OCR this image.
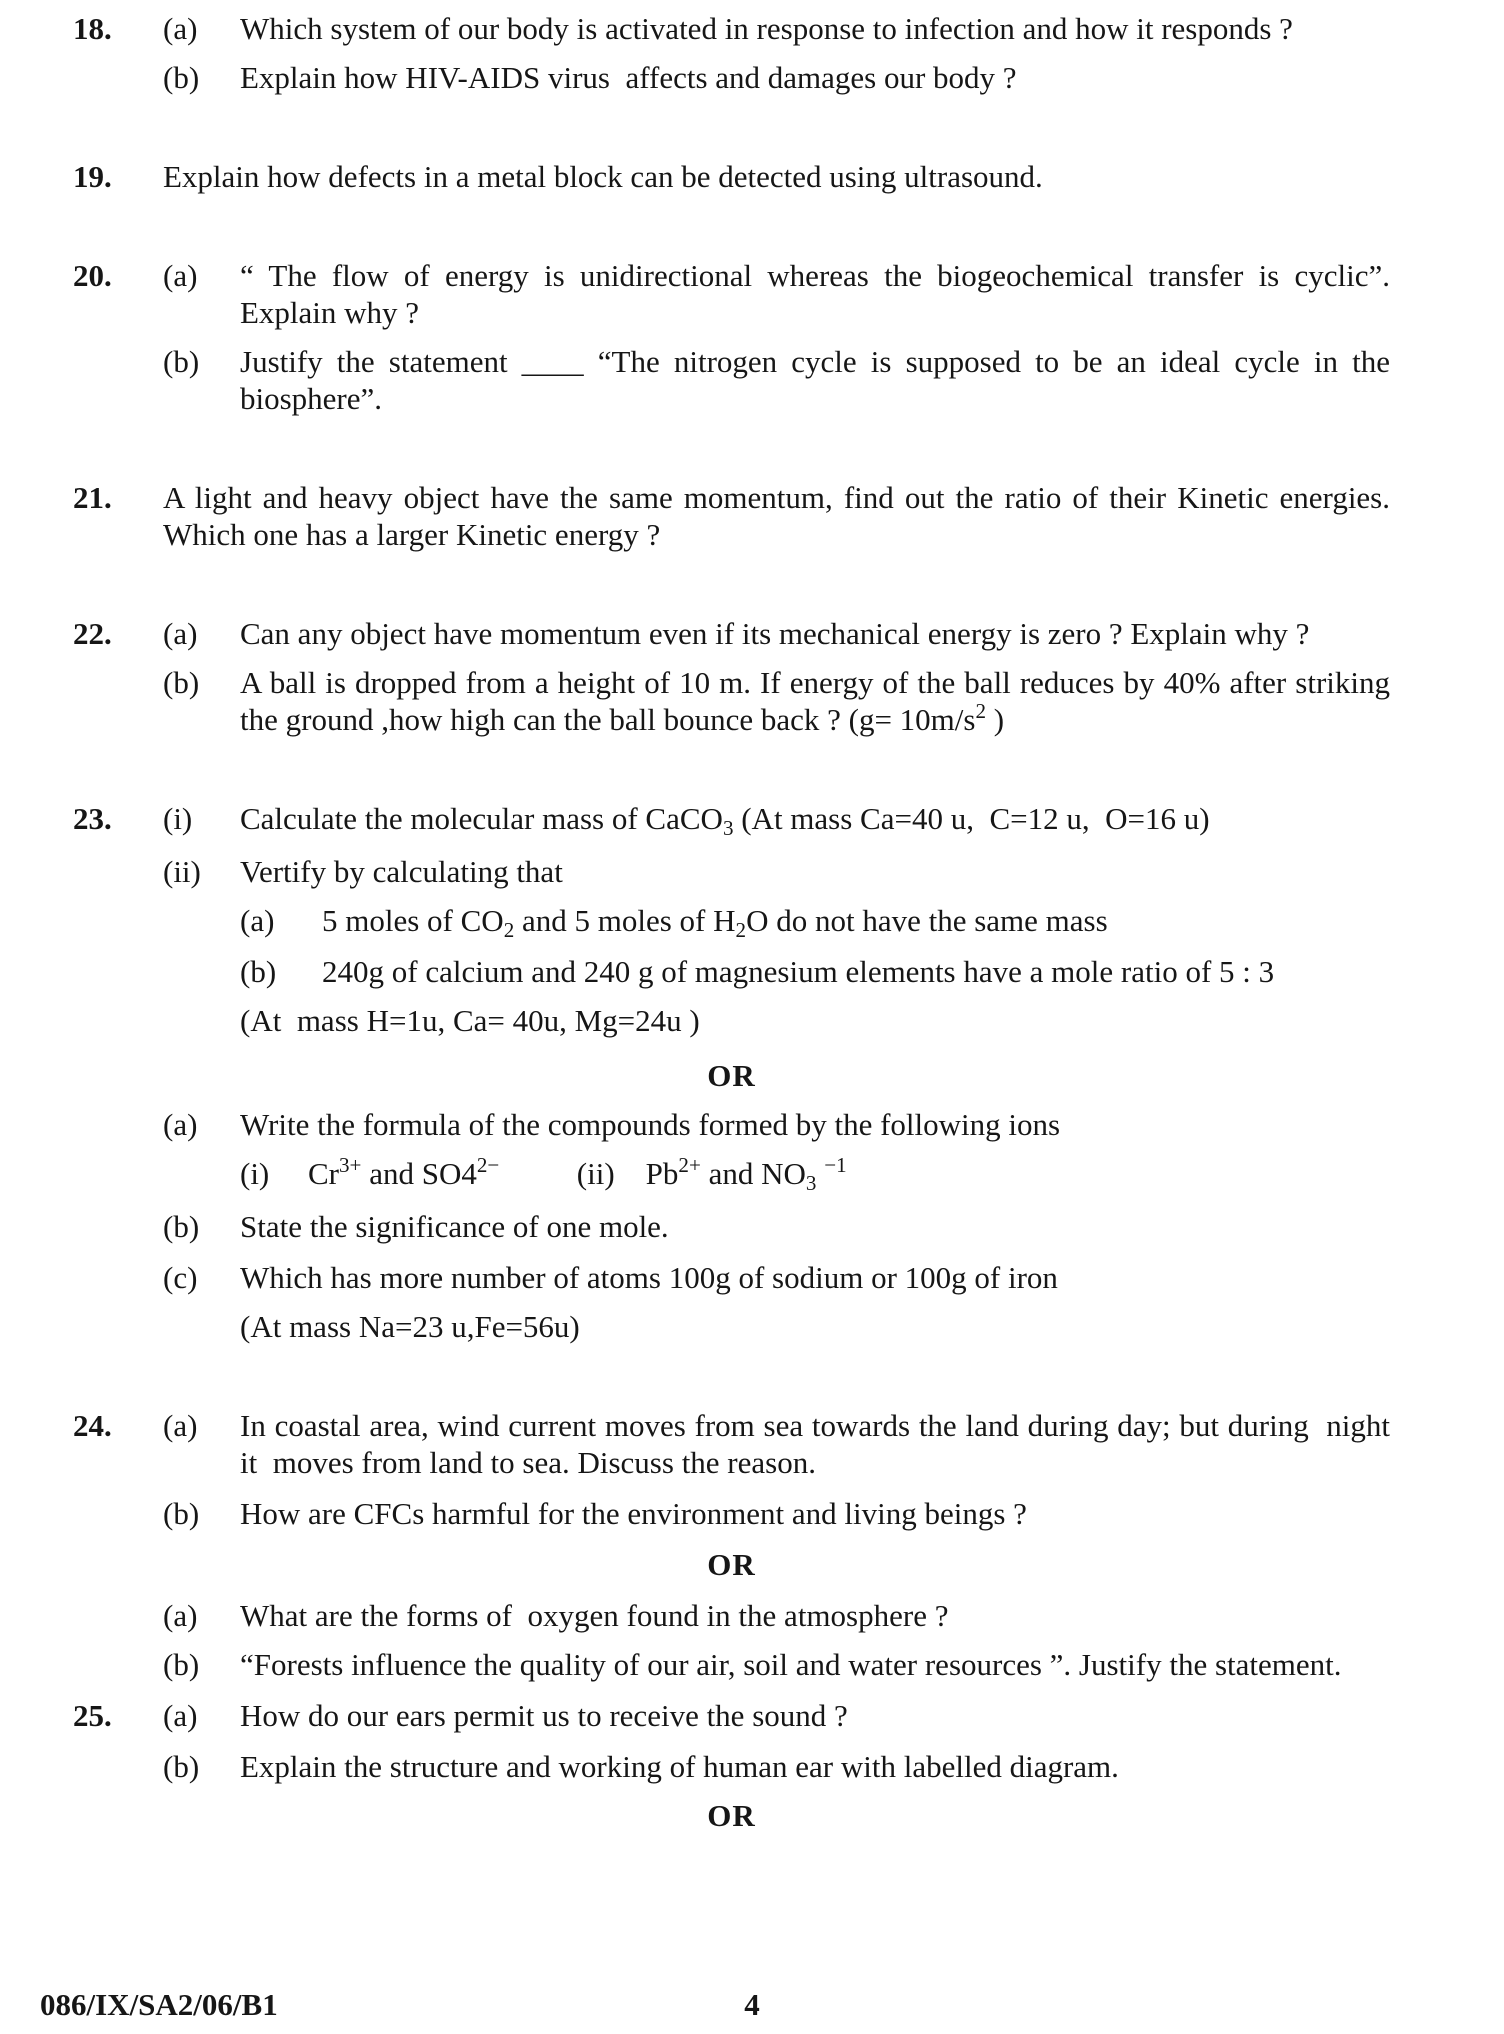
18.	(a)	Which system of our body is activated in response to infection and how it responds ?
(b)	Explain how HIV-AIDS virus  affects and damages our body ?
19.	Explain how defects in a metal block can be detected using ultrasound.
20.	(a)	“ The flow of energy is unidirectional whereas the biogeochemical transfer is cyclic”. Explain why ?
(b)	Justify the statement ____ “The nitrogen cycle is supposed to be an ideal cycle in the biosphere”.
21.	A light and heavy object have the same momentum, find out the ratio of their Kinetic energies. Which one has a larger Kinetic energy ?
22.	(a)	Can any object have momentum even if its mechanical energy is zero ? Explain why ?
(b)	A ball is dropped from a height of 10 m. If energy of the ball reduces by 40% after striking the ground ,how high can the ball bounce back ? ($g= 10m/s^2$ )
23.	(i)	Calculate the molecular mass of CaCO$_3$ (At mass Ca=40 u,  C=12 u,  O=16 u)
(ii)	Vertify by calculating that
(a)	5 moles of $CO_2$ and 5 moles of $H_2O$ do not have the same mass
(b)	240g of calcium and 240 g of magnesium elements have a mole ratio of 5 : 3
(At  mass H=1u, Ca= 40u, Mg=24u )
OR
(a)	Write the formula of the compounds formed by the following ions
(i)     $Cr^{3+}$ and $SO4^{2-}$          (ii)    $Pb^{2+}$ and $NO_3$ $^{-1}$
(b)	State the significance of one mole.
(c)	Which has more number of atoms 100g of sodium or 100g of iron
(At mass Na=23 u,Fe=56u)
24.	(a)	In coastal area, wind current moves from sea towards the land during day; but during  night it  moves from land to sea. Discuss the reason.
(b)	How are CFCs harmful for the environment and living beings ?
OR
(a)	What are the forms of  oxygen found in the atmosphere ?
(b)	“Forests influence the quality of our air, soil and water resources ”. Justify the statement.
25.	(a)	How do our ears permit us to receive the sound ?
(b)	Explain the structure and working of human ear with labelled diagram.
OR
086/IX/SA2/06/B1	4
